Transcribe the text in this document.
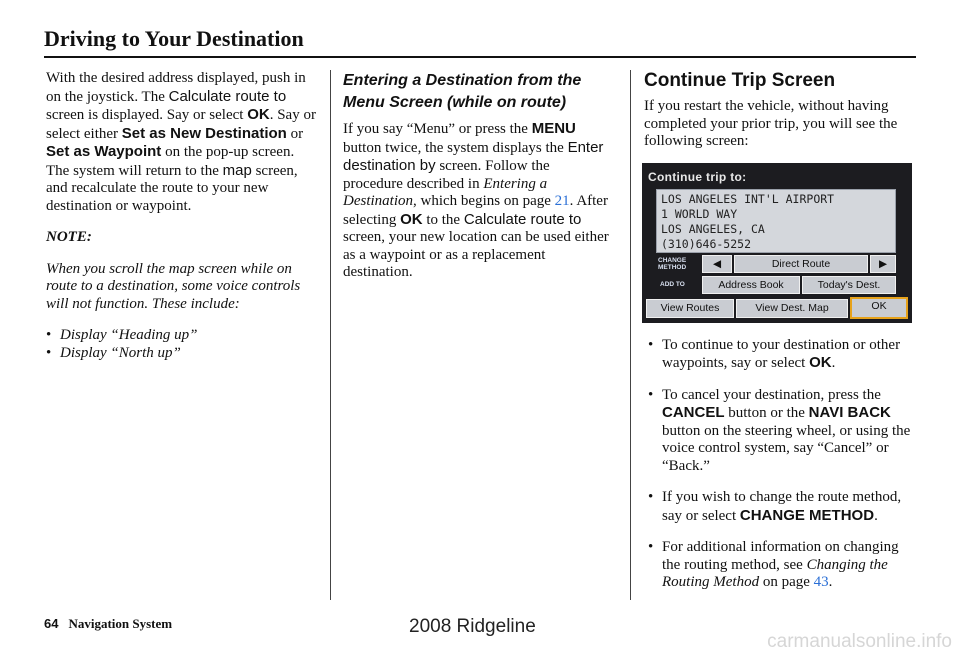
Driving to Your Destination

With the desired address displayed, push in on the joystick. The Calculate route to screen is displayed. Say or select OK. Say or select either Set as New Destination or Set as Waypoint on the pop-up screen. The system will return to the map screen, and recalculate the route to your new destination or waypoint.

NOTE:

When you scroll the map screen while on route to a destination, some voice controls will not function. These include:

• Display “Heading up”
• Display “North up”
Entering a Destination from the Menu Screen (while on route)

If you say “Menu” or press the MENU button twice, the system displays the Enter destination by screen. Follow the procedure described in Entering a Destination, which begins on page 21. After selecting OK to the Calculate route to screen, your new location can be used either as a waypoint or as a replacement destination.

Continue Trip Screen

If you restart the vehicle, without having completed your prior trip, you will see the following screen:

Continue trip to:
LOS ANGELES INT'L AIRPORT
1 WORLD WAY
LOS ANGELES, CA
(310)646-5252
CHANGE METHOD	◀	Direct Route	▶
ADD TO	Address Book	Today's Dest.
View Routes	View Dest. Map	OK
• To continue to your destination or other waypoints, say or select OK.
• To cancel your destination, press the CANCEL button or the NAVI BACK button on the steering wheel, or using the voice control system, say “Cancel” or “Back.”
• If you wish to change the route method, say or select CHANGE METHOD.
• For additional information on changing the routing method, see Changing the Routing Method on page 43.
64 Navigation System	2008 Ridgeline
carmanualsonline.info
